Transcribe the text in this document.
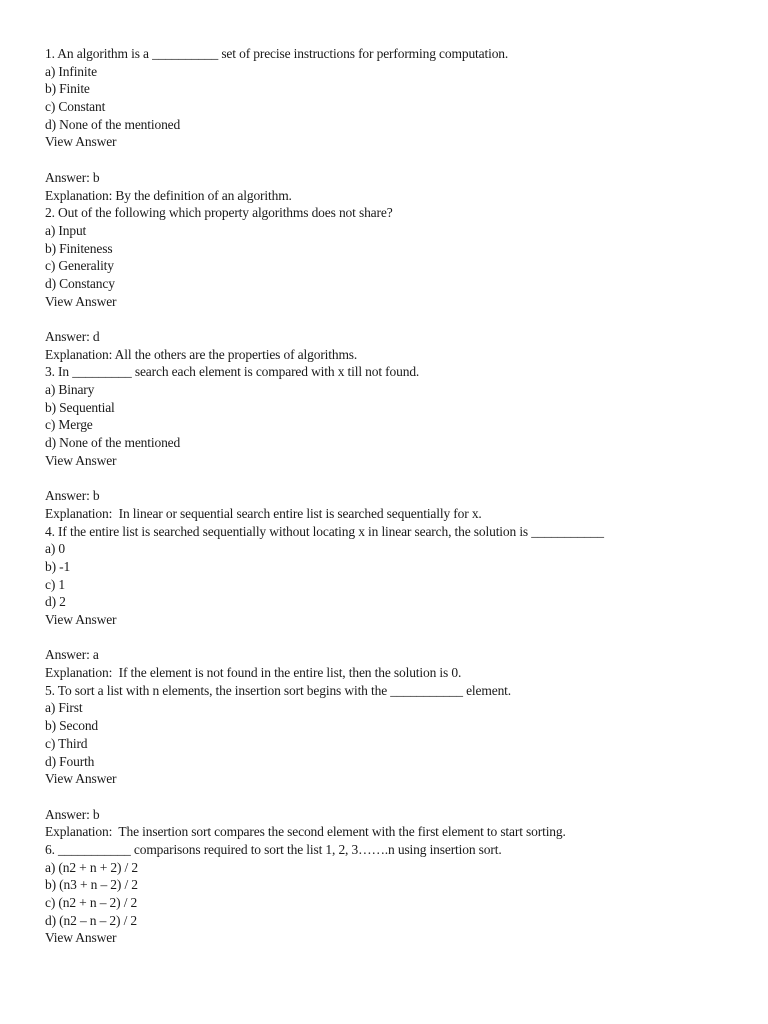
1. An algorithm is a __________ set of precise instructions for performing computation.
a) Infinite
b) Finite
c) Constant
d) None of the mentioned
View Answer
Answer: b
Explanation: By the definition of an algorithm.
2. Out of the following which property algorithms does not share?
a) Input
b) Finiteness
c) Generality
d) Constancy
View Answer
Answer: d
Explanation: All the others are the properties of algorithms.
3. In _________ search each element is compared with x till not found.
a) Binary
b) Sequential
c) Merge
d) None of the mentioned
View Answer
Answer: b
Explanation:  In linear or sequential search entire list is searched sequentially for x.
4. If the entire list is searched sequentially without locating x in linear search, the solution is ___________
a) 0
b) -1
c) 1
d) 2
View Answer
Answer: a
Explanation:  If the element is not found in the entire list, then the solution is 0.
5. To sort a list with n elements, the insertion sort begins with the ___________ element.
a) First
b) Second
c) Third
d) Fourth
View Answer
Answer: b
Explanation:  The insertion sort compares the second element with the first element to start sorting.
6. ___________ comparisons required to sort the list 1, 2, 3…….n using insertion sort.
a) (n2 + n + 2) / 2
b) (n3 + n – 2) / 2
c) (n2 + n – 2) / 2
d) (n2 – n – 2) / 2
View Answer
